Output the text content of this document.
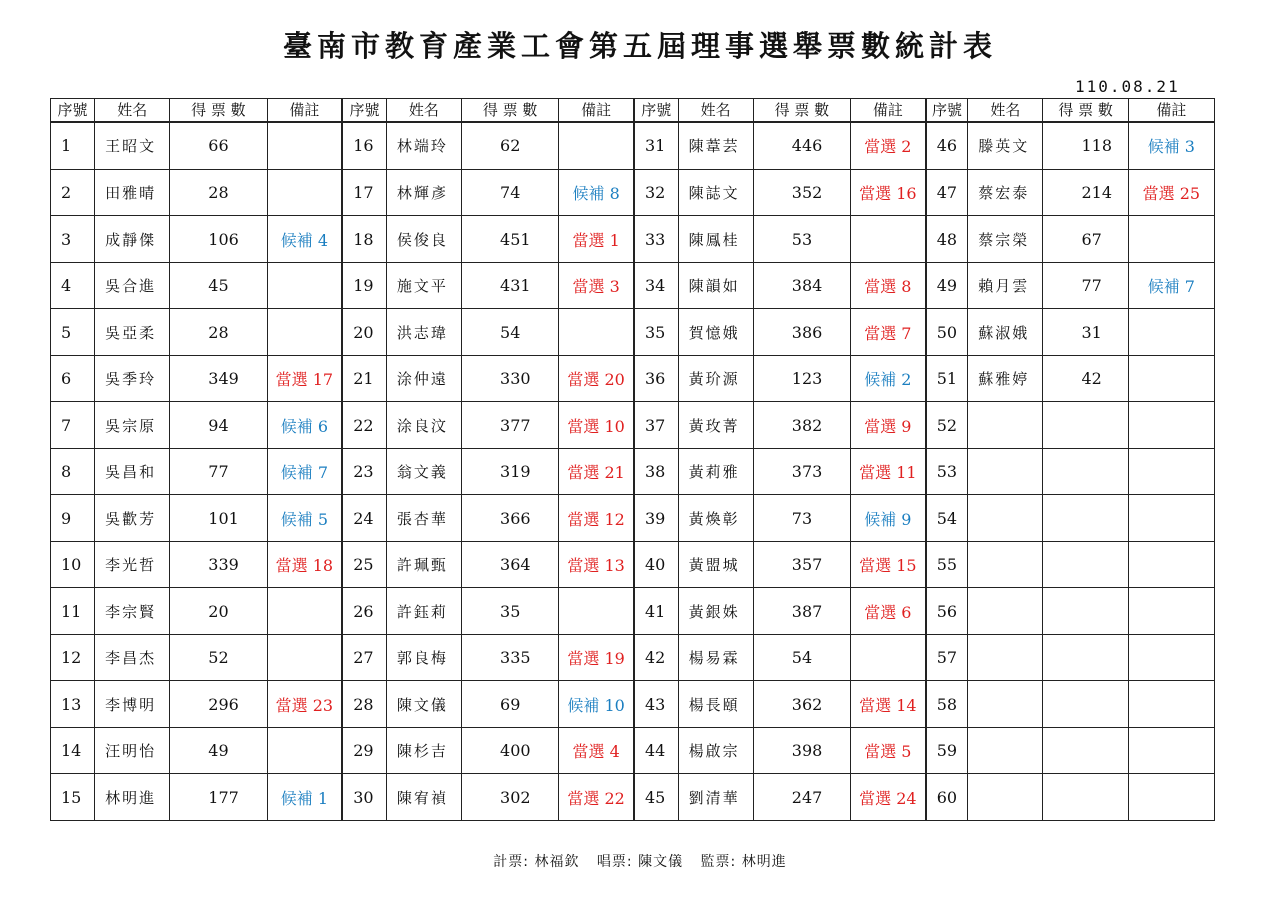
臺南市教育產業工會第五屆理事選舉票數統計表
110.08.21
序號	姓名	得 票 數	備註	序號	姓名	得 票 數	備註	序號	姓名	得 票 數	備註	序號	姓名	得 票 數	備註
1	王昭文	66		16	林端玲	62		31	陳葦芸	446	當選 2	46	滕英文	118	候補 3
2	田雅晴	28		17	林輝彥	74	候補 8	32	陳誌文	352	當選 16	47	蔡宏泰	214	當選 25
3	成靜傑	106	候補 4	18	侯俊良	451	當選 1	33	陳鳳桂	53		48	蔡宗榮	67	
4	吳合進	45		19	施文平	431	當選 3	34	陳韻如	384	當選 8	49	賴月雲	77	候補 7
5	吳亞柔	28		20	洪志瑋	54		35	賀憶娥	386	當選 7	50	蘇淑娥	31	
6	吳季玲	349	當選 17	21	涂仲遠	330	當選 20	36	黃玠源	123	候補 2	51	蘇雅婷	42	
7	吳宗原	94	候補 6	22	涂良汶	377	當選 10	37	黃玫菁	382	當選 9	52			
8	吳昌和	77	候補 7	23	翁文義	319	當選 21	38	黃莉雅	373	當選 11	53			
9	吳歡芳	101	候補 5	24	張杏華	366	當選 12	39	黃煥彰	73	候補 9	54			
10	李光哲	339	當選 18	25	許珮甄	364	當選 13	40	黃盟城	357	當選 15	55			
11	李宗賢	20		26	許鈺莉	35		41	黃銀姝	387	當選 6	56			
12	李昌杰	52		27	郭良梅	335	當選 19	42	楊易霖	54		57			
13	李博明	296	當選 23	28	陳文儀	69	候補 10	43	楊長頤	362	當選 14	58			
14	汪明怡	49		29	陳杉吉	400	當選 4	44	楊啟宗	398	當選 5	59			
15	林明進	177	候補 1	30	陳宥禎	302	當選 22	45	劉清華	247	當選 24	60			
計票: 林福欽 唱票: 陳文儀 監票: 林明進
